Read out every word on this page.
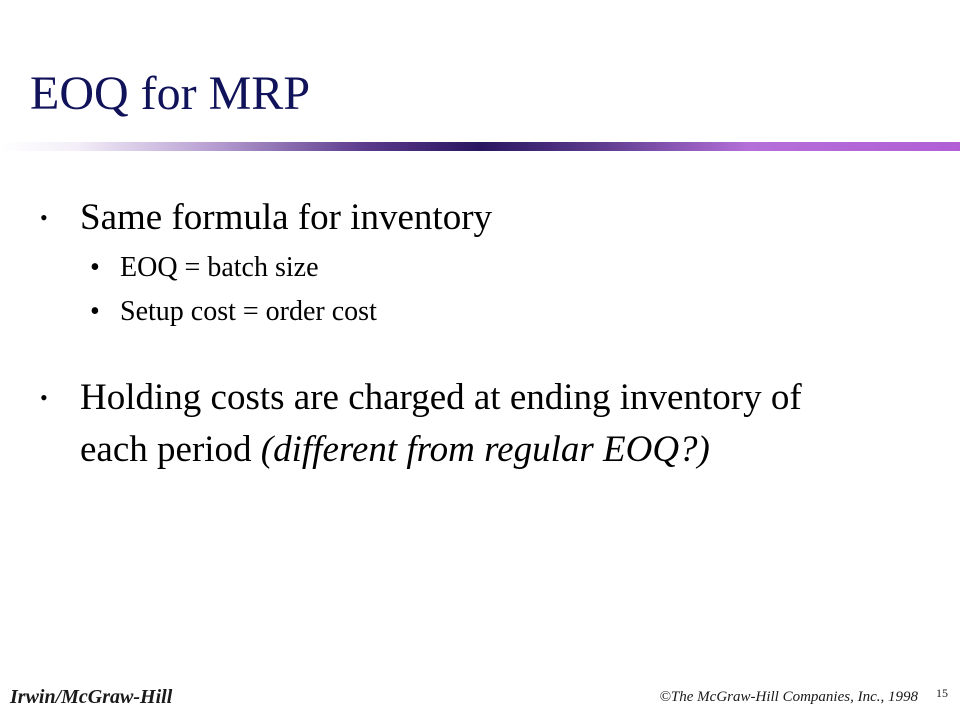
EOQ for MRP
• Same formula for inventory
• EOQ = batch size
• Setup cost = order cost
• Holding costs are charged at ending inventory of
each period (different from regular EOQ?)
Irwin/McGraw-Hill	©The McGraw-Hill Companies, Inc., 1998 15
